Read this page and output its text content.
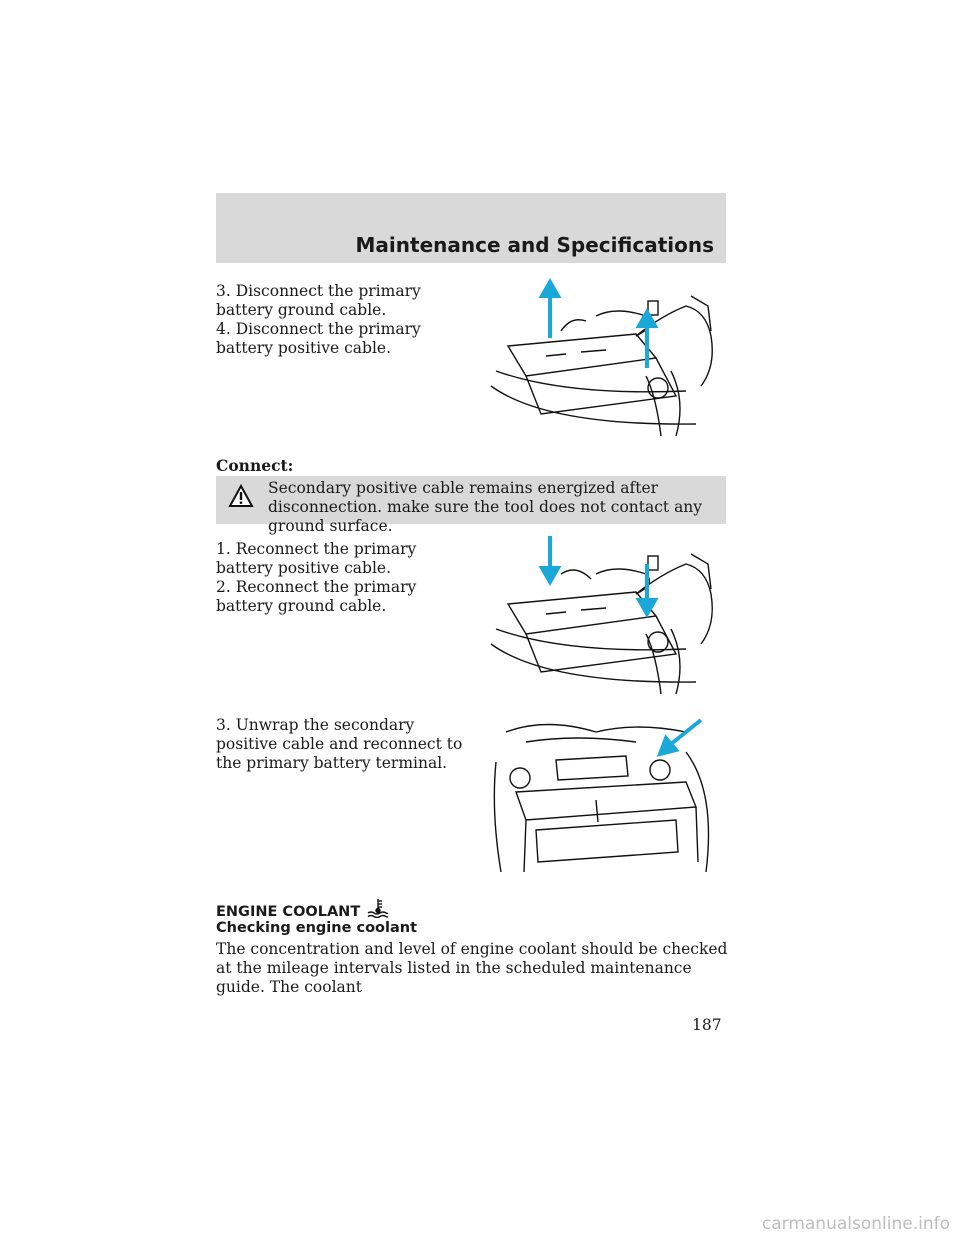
Maintenance and Specifications

3. Disconnect the primary battery ground cable.

4. Disconnect the primary battery positive cable.

Connect:
Secondary positive cable remains energized after disconnection. make sure the tool does not contact any ground surface.

1. Reconnect the primary battery positive cable.

2. Reconnect the primary battery ground cable.

3. Unwrap the secondary positive cable and reconnect to the primary battery terminal.

ENGINE COOLANT
Checking engine coolant

The concentration and level of engine coolant should be checked at the mileage intervals listed in the scheduled maintenance guide. The coolant

187
carmanualsonline.info
